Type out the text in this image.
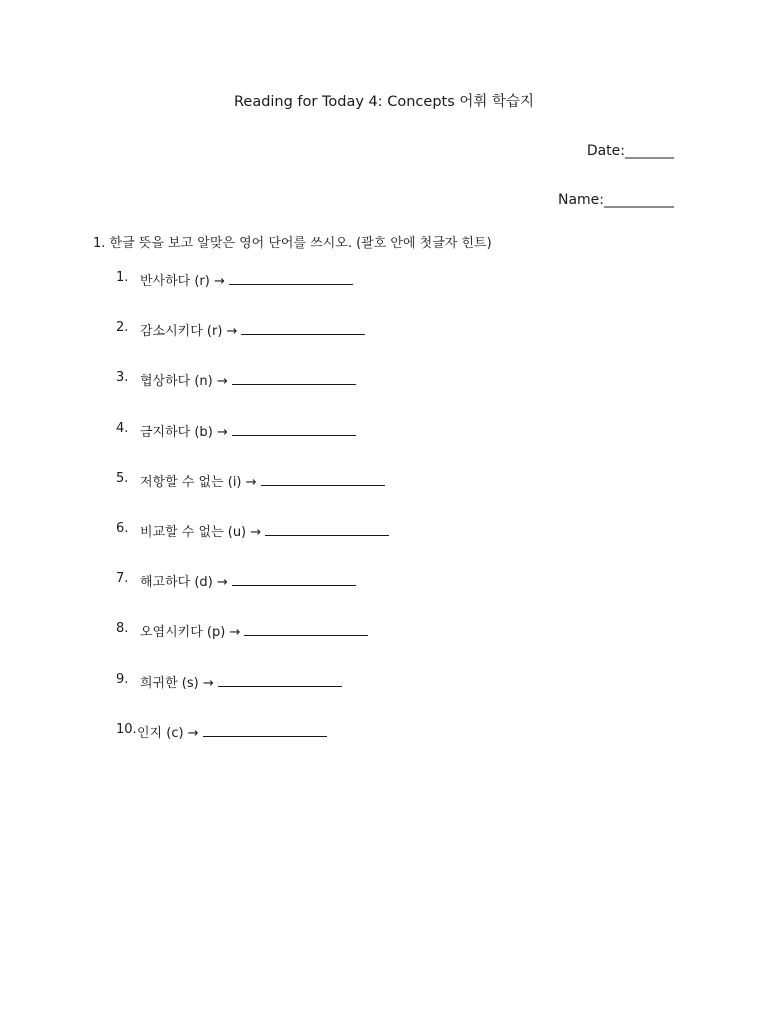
Reading for Today 4: Concepts 어휘 학습지
Date:_______
Name:__________
1. 한글 뜻을 보고 알맞은 영어 단어를 쓰시오. (괄호 안에 첫글자 힌트)
1. 반사하다 (r) →
2. 감소시키다 (r) →
3. 협상하다 (n) →
4. 금지하다 (b) →
5. 저항할 수 없는 (i) →
6. 비교할 수 없는 (u) →
7. 해고하다 (d) →
8. 오염시키다 (p) →
9. 희귀한 (s) →
10. 인지 (c) →
